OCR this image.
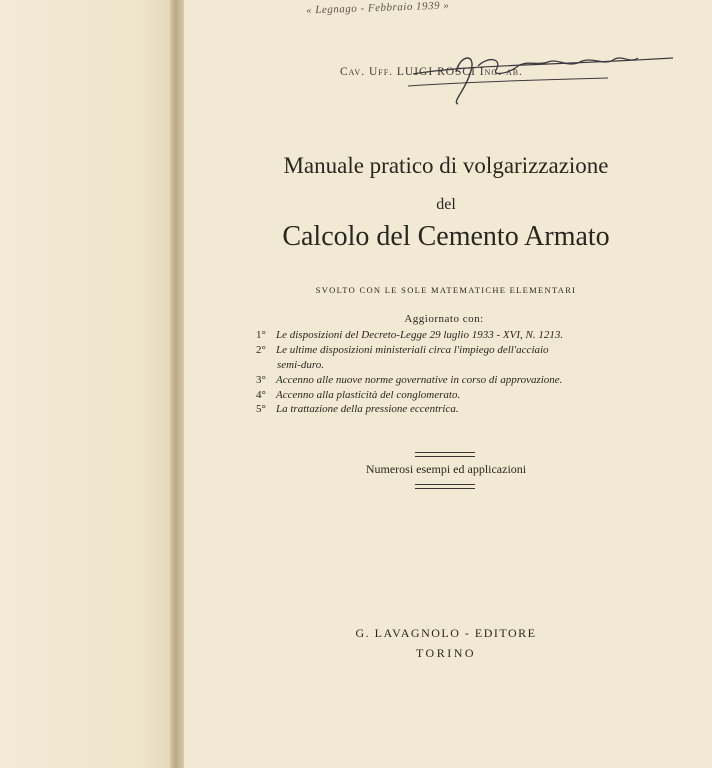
« Legnago - Febbraio 1939 »
Cav. Uff. LUIGI ROSCI Ing. ab.
Manuale pratico di volgarizzazione
del
Calcolo del Cemento Armato
SVOLTO CON LE SOLE MATEMATICHE ELEMENTARI
Aggiornato con:
1° Le disposizioni del Decreto-Legge 29 luglio 1933 - XVI, N. 1213.
2° Le ultime disposizioni ministeriali circa l'impiego dell'acciaio
semi-duro.
3° Accenno alle nuove norme governative in corso di approvazione.
4° Accenno alla plasticità del conglomerato.
5° La trattazione della pressione eccentrica.
Numerosi esempi ed applicazioni
G. LAVAGNOLO - EDITORE
TORINO
